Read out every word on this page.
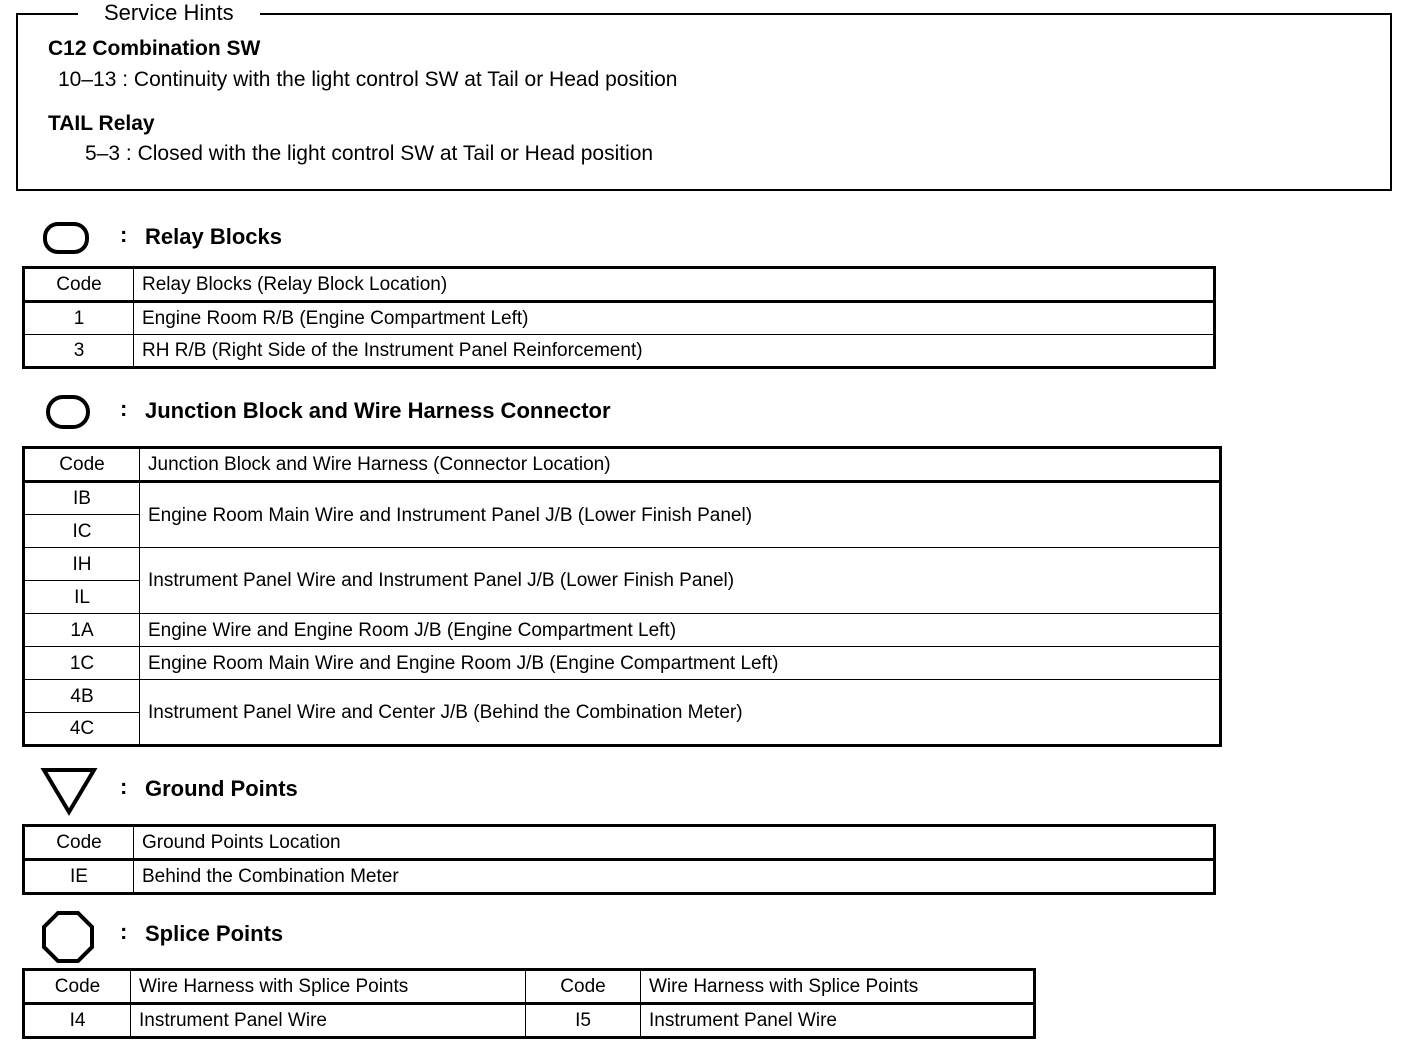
Service Hints
C12 Combination SW
10–13 : Continuity with the light control SW at Tail or Head position
TAIL Relay
5–3 : Closed with the light control SW at Tail or Head position
: Relay Blocks
Code	Relay Blocks (Relay Block Location)
1	Engine Room R/B (Engine Compartment Left)
3	RH R/B (Right Side of the Instrument Panel Reinforcement)
: Junction Block and Wire Harness Connector
Code	Junction Block and Wire Harness (Connector Location)
IB	Engine Room Main Wire and Instrument Panel J/B (Lower Finish Panel)
IC	
IH	Instrument Panel Wire and Instrument Panel J/B (Lower Finish Panel)
IL	
1A	Engine Wire and Engine Room J/B (Engine Compartment Left)
1C	Engine Room Main Wire and Engine Room J/B (Engine Compartment Left)
4B	Instrument Panel Wire and Center J/B (Behind the Combination Meter)
4C	
: Ground Points
Code	Ground Points Location
IE	Behind the Combination Meter
: Splice Points
Code	Wire Harness with Splice Points	Code	Wire Harness with Splice Points
I4	Instrument Panel Wire	I5	Instrument Panel Wire
